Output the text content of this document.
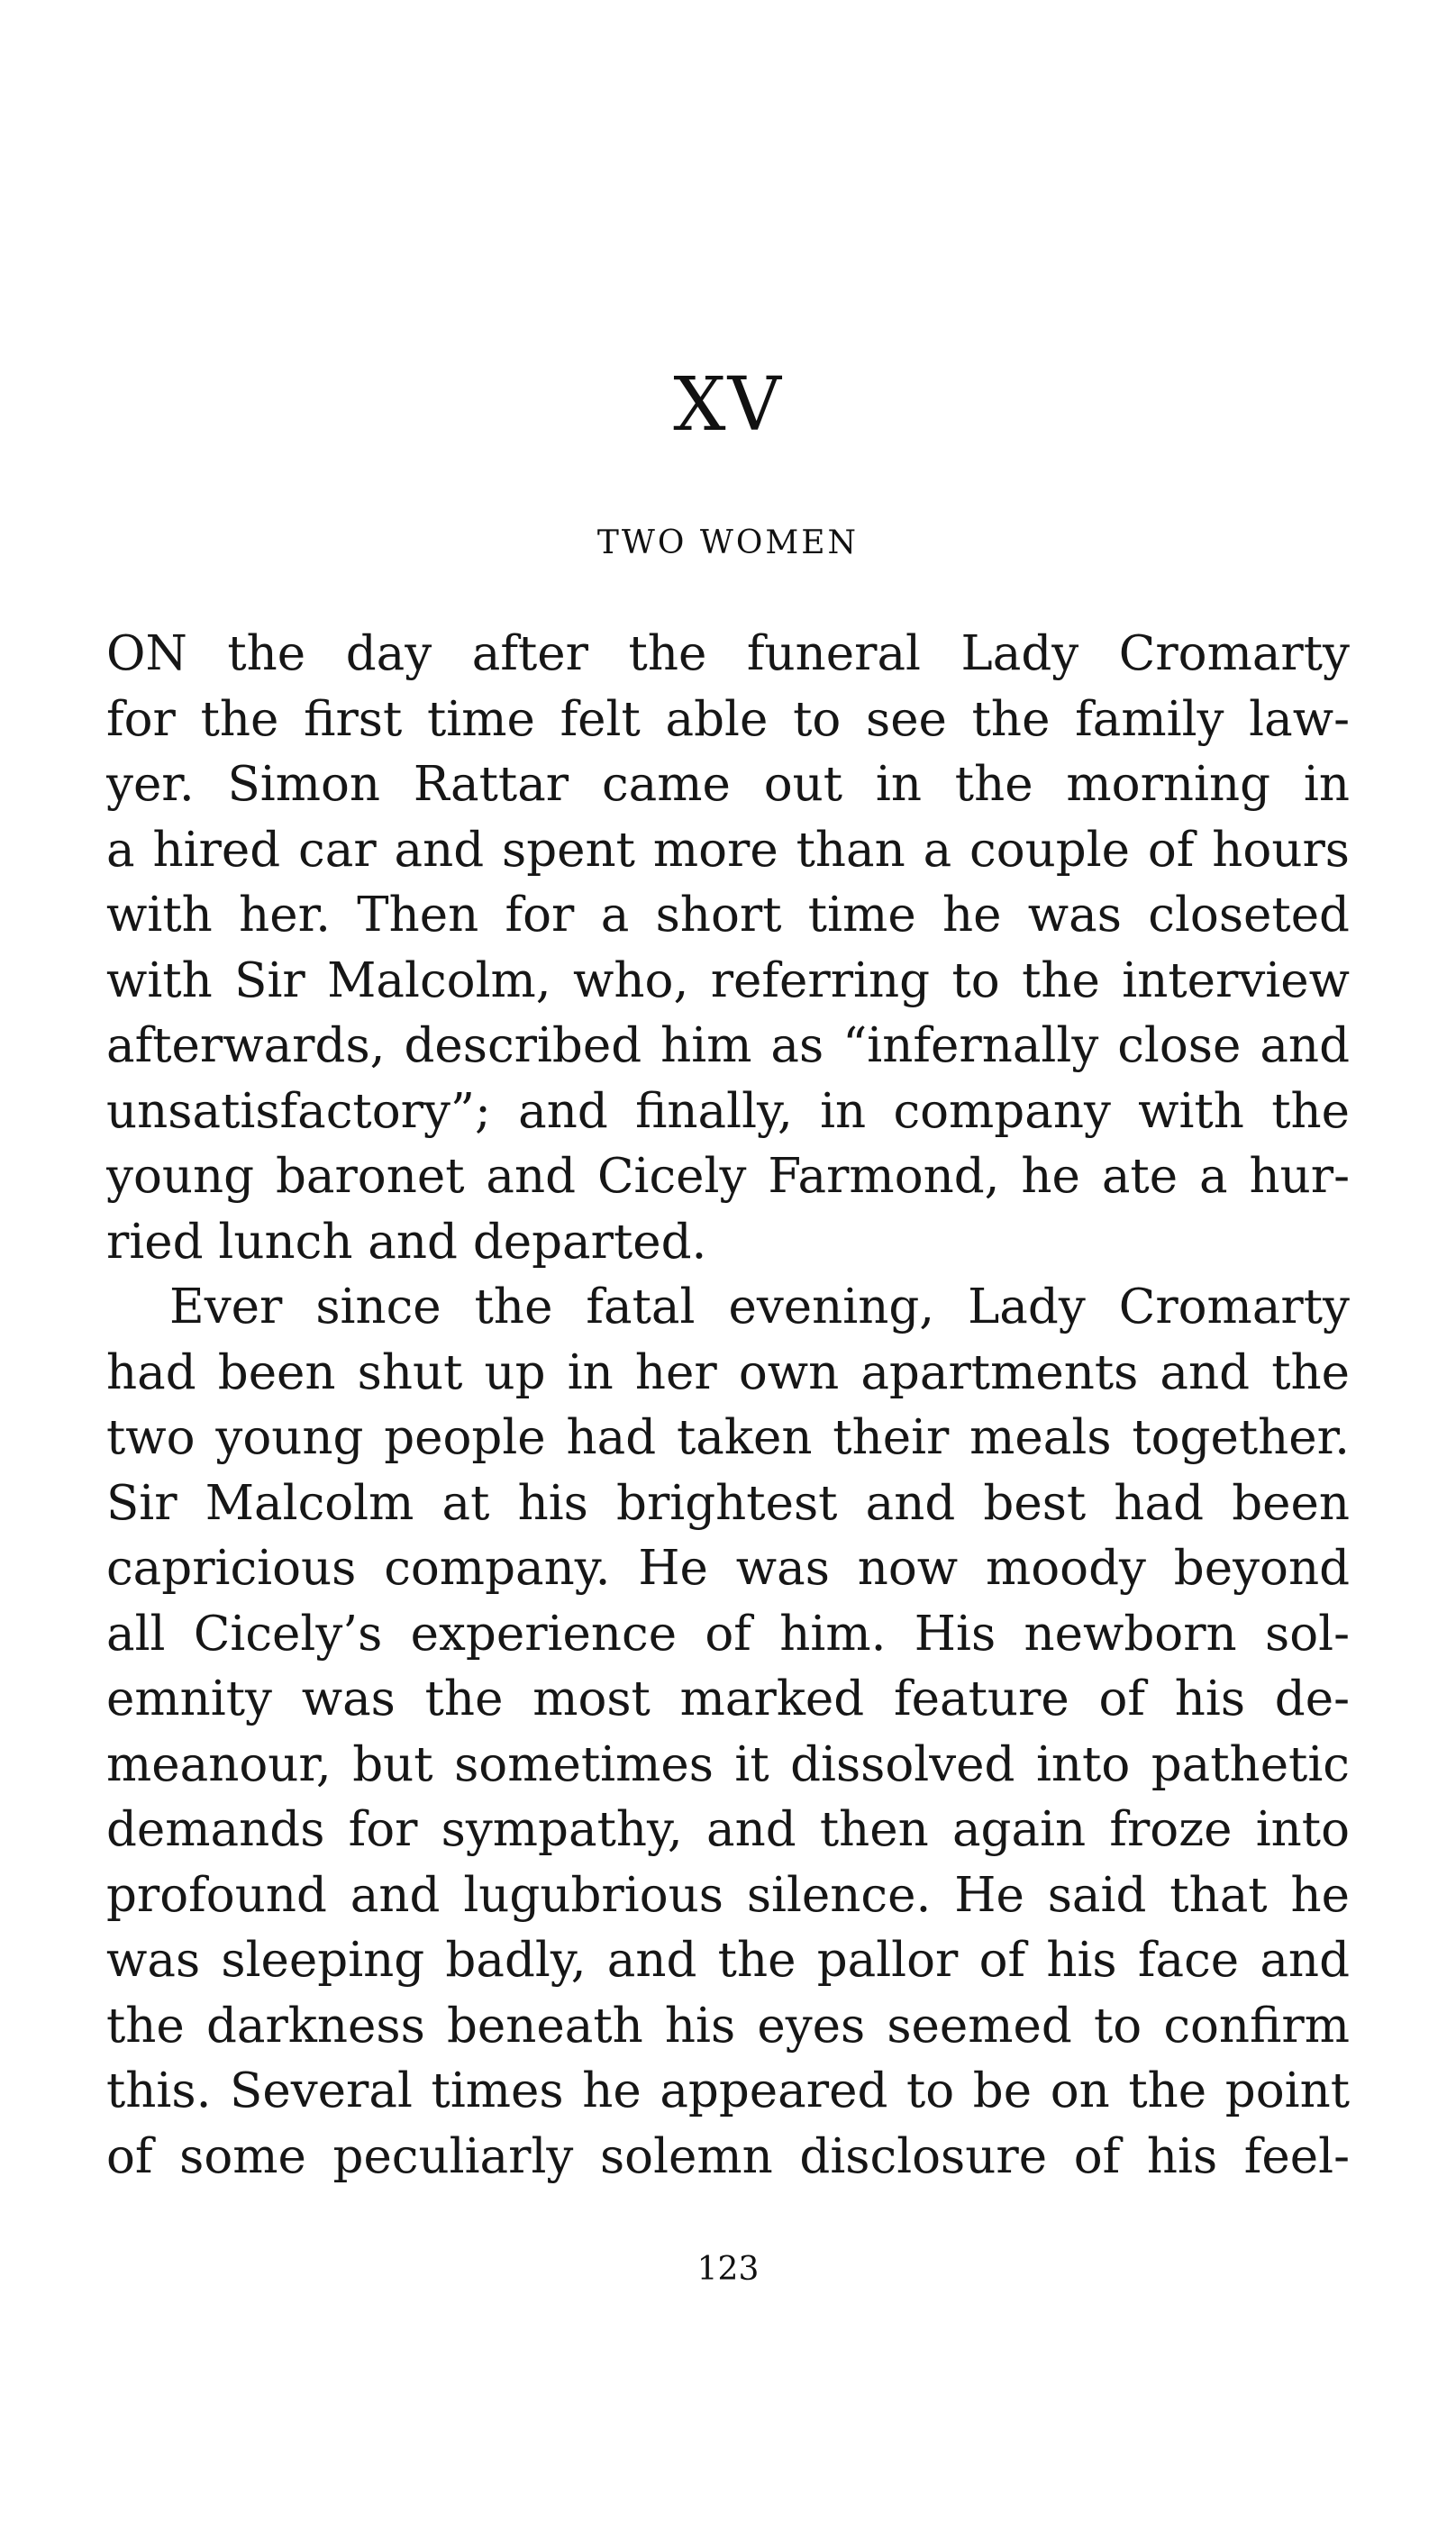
XV
TWO WOMEN
ON the day after the funeral Lady Cromarty
for the first time felt able to see the family law-
yer. Simon Rattar came out in the morning in
a hired car and spent more than a couple of hours
with her. Then for a short time he was closeted
with Sir Malcolm, who, referring to the interview
afterwards, described him as “infernally close and
unsatisfactory”; and finally, in company with the
young baronet and Cicely Farmond, he ate a hur-
ried lunch and departed.
Ever since the fatal evening, Lady Cromarty
had been shut up in her own apartments and the
two young people had taken their meals together.
Sir Malcolm at his brightest and best had been
capricious company. He was now moody beyond
all Cicely’s experience of him. His newborn sol-
emnity was the most marked feature of his de-
meanour, but sometimes it dissolved into pathetic
demands for sympathy, and then again froze into
profound and lugubrious silence. He said that he
was sleeping badly, and the pallor of his face and
the darkness beneath his eyes seemed to confirm
this. Several times he appeared to be on the point
of some peculiarly solemn disclosure of his feel-
123
